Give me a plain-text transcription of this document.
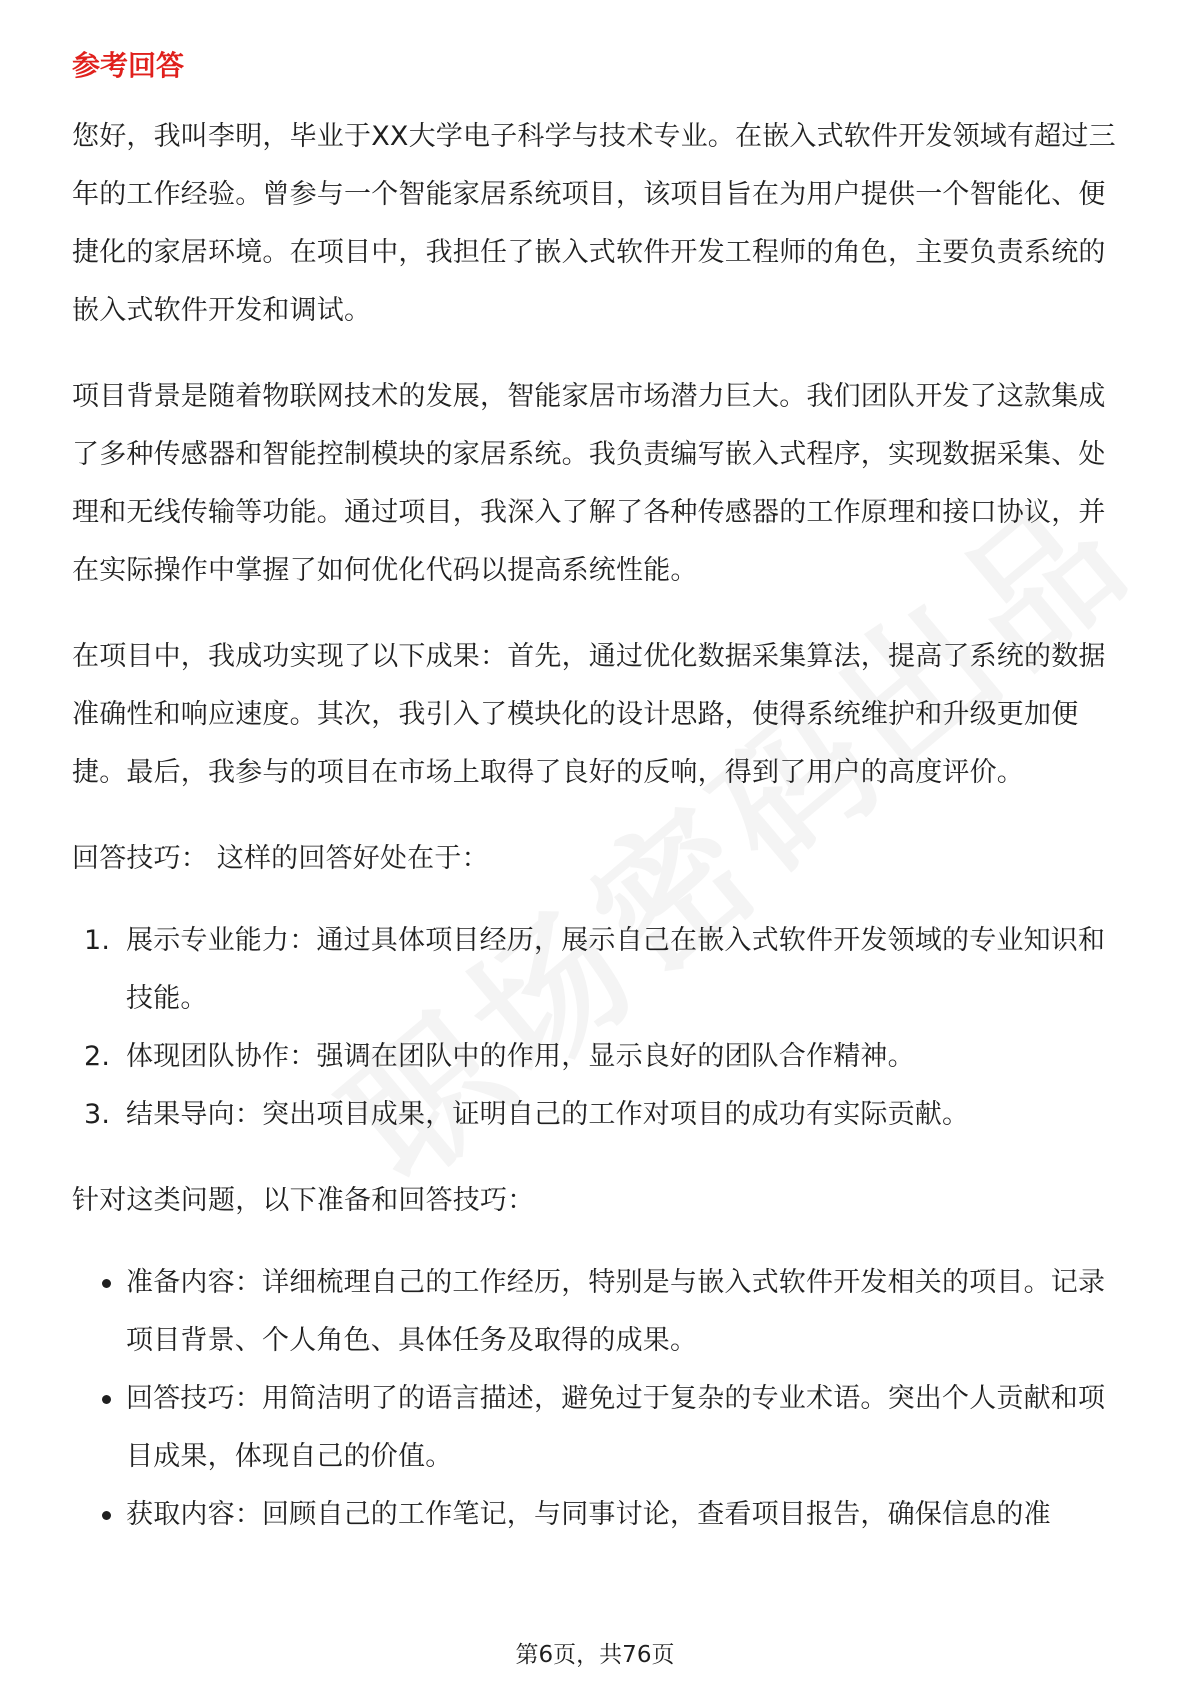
参考回答

您好，我叫李明，毕业于XX大学电子科学与技术专业。在嵌入式软件开发领域有超过三年的工作经验。曾参与一个智能家居系统项目，该项目旨在为用户提供一个智能化、便捷化的家居环境。在项目中，我担任了嵌入式软件开发工程师的角色，主要负责系统的嵌入式软件开发和调试。

项目背景是随着物联网技术的发展，智能家居市场潜力巨大。我们团队开发了这款集成了多种传感器和智能控制模块的家居系统。我负责编写嵌入式程序，实现数据采集、处理和无线传输等功能。通过项目，我深入了解了各种传感器的工作原理和接口协议，并在实际操作中掌握了如何优化代码以提高系统性能。

在项目中，我成功实现了以下成果：首先，通过优化数据采集算法，提高了系统的数据准确性和响应速度。其次，我引入了模块化的设计思路，使得系统维护和升级更加便捷。最后，我参与的项目在市场上取得了良好的反响，得到了用户的高度评价。

回答技巧： 这样的回答好处在于：

1. 展示专业能力：通过具体项目经历，展示自己在嵌入式软件开发领域的专业知识和技能。
2. 体现团队协作：强调在团队中的作用，显示良好的团队合作精神。
3. 结果导向：突出项目成果，证明自己的工作对项目的成功有实际贡献。

针对这类问题，以下准备和回答技巧：

准备内容：详细梳理自己的工作经历，特别是与嵌入式软件开发相关的项目。记录项目背景、个人角色、具体任务及取得的成果。
回答技巧：用简洁明了的语言描述，避免过于复杂的专业术语。突出个人贡献和项目成果，体现自己的价值。
获取内容：回顾自己的工作笔记，与同事讨论，查看项目报告，确保信息的准
第6页，共76页
